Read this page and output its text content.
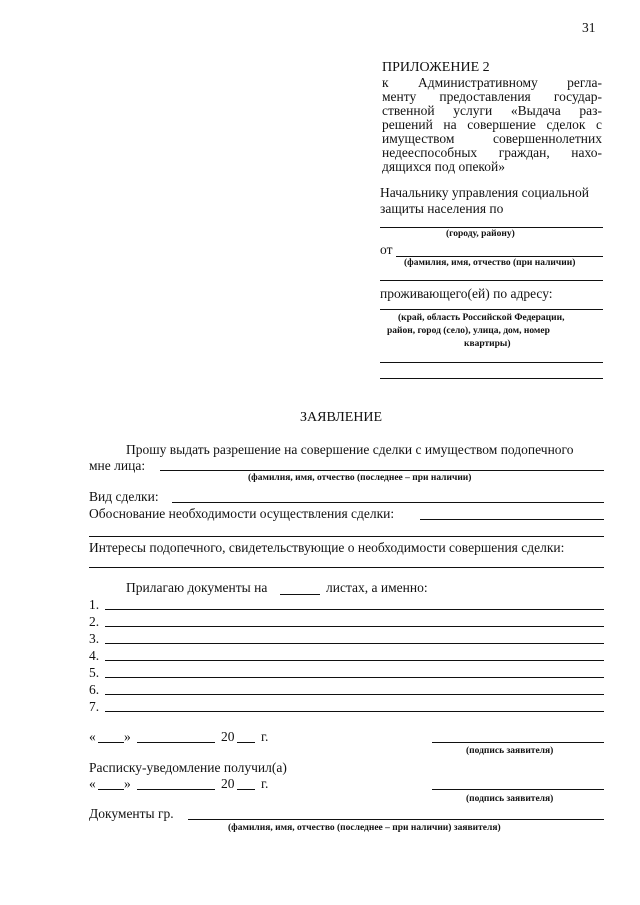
31
ПРИЛОЖЕНИЕ 2
к Административному регла-
менту предоставления государ-
ственной услуги «Выдача раз-
решений на совершение сделок с
имуществом совершеннолетних
недееспособных граждан, нахо-
дящихся под опекой»
Начальнику управления социальной
защиты населения по
(городу, району)
от
(фамилия, имя, отчество (при наличии)
проживающего(ей) по адресу:
(край, область Российской Федерации,
район, город (село), улица, дом, номер
квартиры)
ЗАЯВЛЕНИЕ
Прошу выдать разрешение на совершение сделки с имуществом подопечного
мне лица:
(фамилия, имя, отчество (последнее – при наличии)
Вид сделки:
Обоснование необходимости осуществления сделки:
Интересы подопечного, свидетельствующие о необходимости совершения сделки:
Прилагаю документы на	листах, а именно:
1.
2.
3.
4.
5.
6.
7.
« »	20 г.
(подпись заявителя)
Расписку-уведомление получил(а)
« »	20 г.
(подпись заявителя)
Документы гр.
(фамилия, имя, отчество (последнее – при наличии) заявителя)
